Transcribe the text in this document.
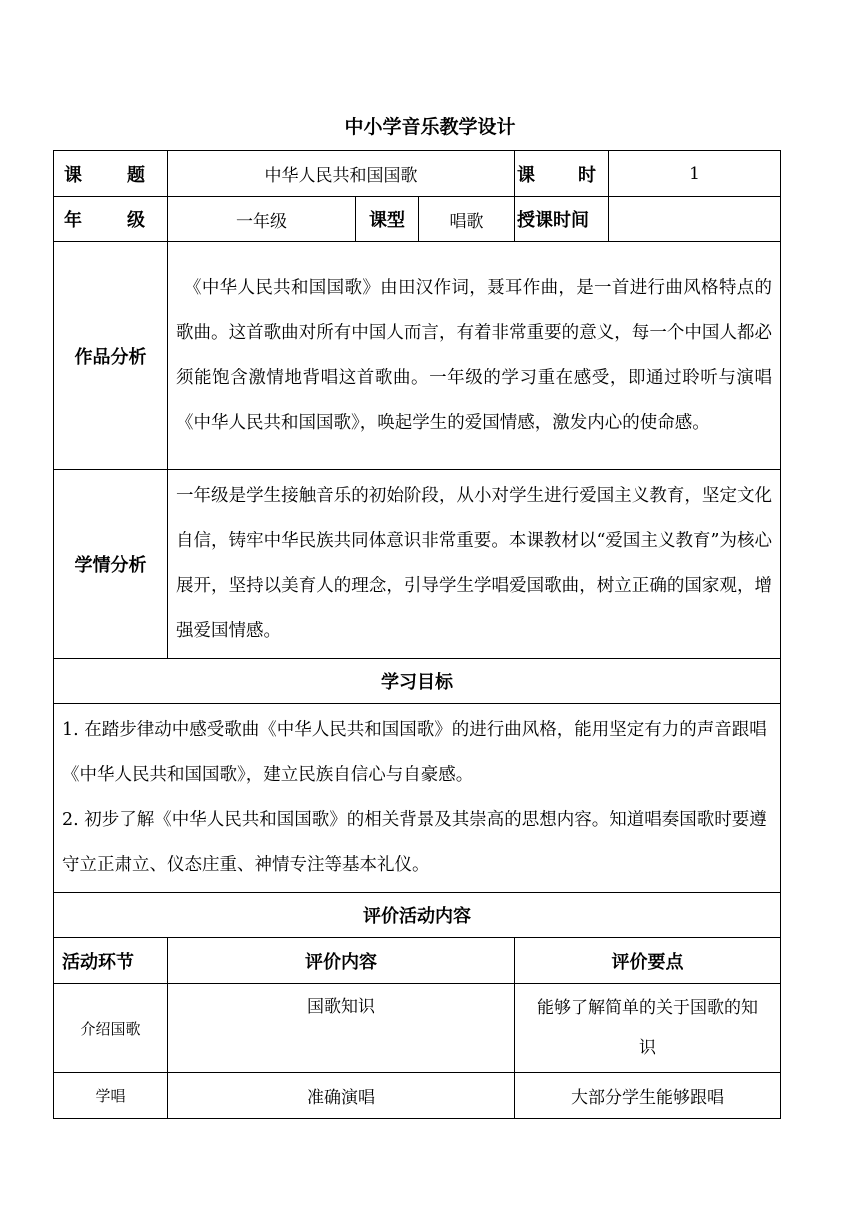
中小学音乐教学设计
课 题	中华人民共和国国歌			课 时	1

年 级	一年级	课型	唱歌	授课时间	
作品分析	《中华人民共和国国歌》由田汉作词，聂耳作曲，是一首进行曲风格特点的歌曲。这首歌曲对所有中国人而言，有着非常重要的意义，每一个中国人都必须能饱含激情地背唱这首歌曲。一年级的学习重在感受，即通过聆听与演唱《中华人民共和国国歌》，唤起学生的爱国情感，激发内心的使命感。				

学情分析	一年级是学生接触音乐的初始阶段，从小对学生进行爱国主义教育，坚定文化自信，铸牢中华民族共同体意识非常重要。本课教材以“爱国主义教育”为核心展开，坚持以美育人的理念，引导学生学唱爱国歌曲，树立正确的国家观，增强爱国情感。				

学习目标					

1. 在踏步律动中感受歌曲《中华人民共和国国歌》的进行曲风格，能用坚定有力的声音跟唱《中华人民共和国国歌》，建立民族自信心与自豪感。

2. 初步了解《中华人民共和国国歌》的相关背景及其崇高的思想内容。知道唱奏国歌时要遵守立正肃立、仪态庄重、神情专注等基本礼仪。					

评价活动内容					
活动环节	评价内容			评价要点	
介绍国歌	国歌知识			能够了解简单的关于国歌的知识	
学唱	准确演唱			大部分学生能够跟唱	
